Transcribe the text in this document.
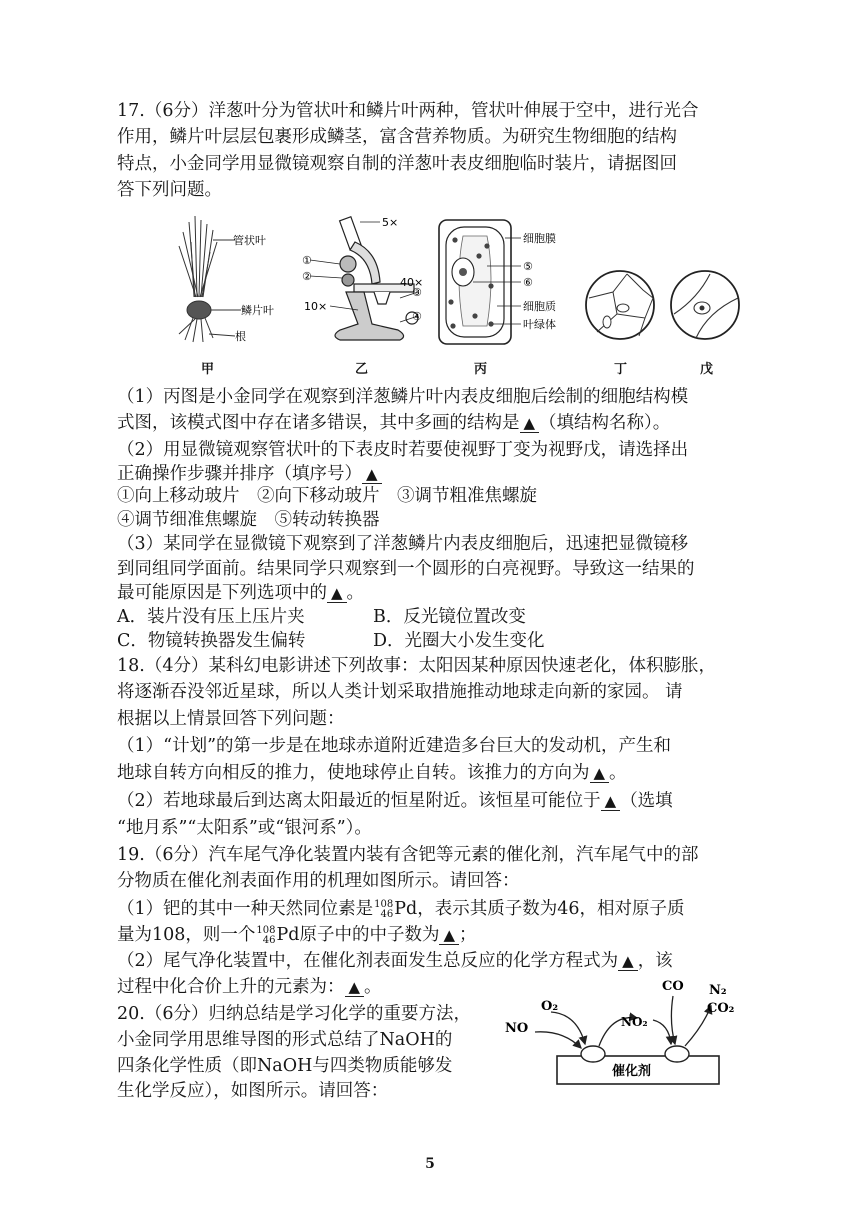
17.（6分）洋葱叶分为管状叶和鳞片叶两种，管状叶伸展于空中，进行光合
作用，鳞片叶层层包裹形成鳞茎，富含营养物质。为研究生物细胞的结构
特点，小金同学用显微镜观察自制的洋葱叶表皮细胞临时装片，请据图回
答下列问题。
管状叶
鳞片叶
根
5×
①
②
③
④
40×
10×
细胞膜
⑤
⑥
细胞质
叶绿体
甲	乙	丙	丁	戊
（1）丙图是小金同学在观察到洋葱鳞片叶内表皮细胞后绘制的细胞结构模
式图，该模式图中存在诸多错误，其中多画的结构是 ▲ （填结构名称）。
（2）用显微镜观察管状叶的下表皮时若要使视野丁变为视野戊，请选择出
正确操作步骤并排序（填序号） ▲
①向上移动玻片　②向下移动玻片　③调节粗准焦螺旋
④调节细准焦螺旋　⑤转动转换器
（3）某同学在显微镜下观察到了洋葱鳞片内表皮细胞后，迅速把显微镜移
到同组同学面前。结果同学只观察到一个圆形的白亮视野。导致这一结果的
最可能原因是下列选项中的 ▲ 。
A．装片没有压上压片夹	B．反光镜位置改变
C．物镜转换器发生偏转	D．光圈大小发生变化
18.（4分）某科幻电影讲述下列故事：太阳因某种原因快速老化，体积膨胀，
将逐渐吞没邻近星球，所以人类计划采取措施推动地球走向新的家园。 请
根据以上情景回答下列问题：
（1）“计划”的第一步是在地球赤道附近建造多台巨大的发动机，产生和
地球自转方向相反的推力，使地球停止自转。该推力的方向为 ▲ 。
（2）若地球最后到达离太阳最近的恒星附近。该恒星可能位于 ▲ （选填
“地月系”“太阳系”或“银河系”）。
19.（6分）汽车尾气净化装置内装有含钯等元素的催化剂，汽车尾气中的部
分物质在催化剂表面作用的机理如图所示。请回答：
（1）钯的其中一种天然同位素是 108
46 Pd，表示其质子数为46，相对原子质
量为108，则一个 108
46 Pd原子中的中子数为 ▲ ；
（2）尾气净化装置中，在催化剂表面发生总反应的化学方程式为 ▲ ，该
过程中化合价上升的元素为： ▲ 。
20.（6分）归纳总结是学习化学的重要方法，
小金同学用思维导图的形式总结了NaOH的
四条化学性质（即NaOH与四类物质能够发
生化学反应），如图所示。请回答：
O₂
NO	NO₂
CO N₂
CO₂
催化剂
5
